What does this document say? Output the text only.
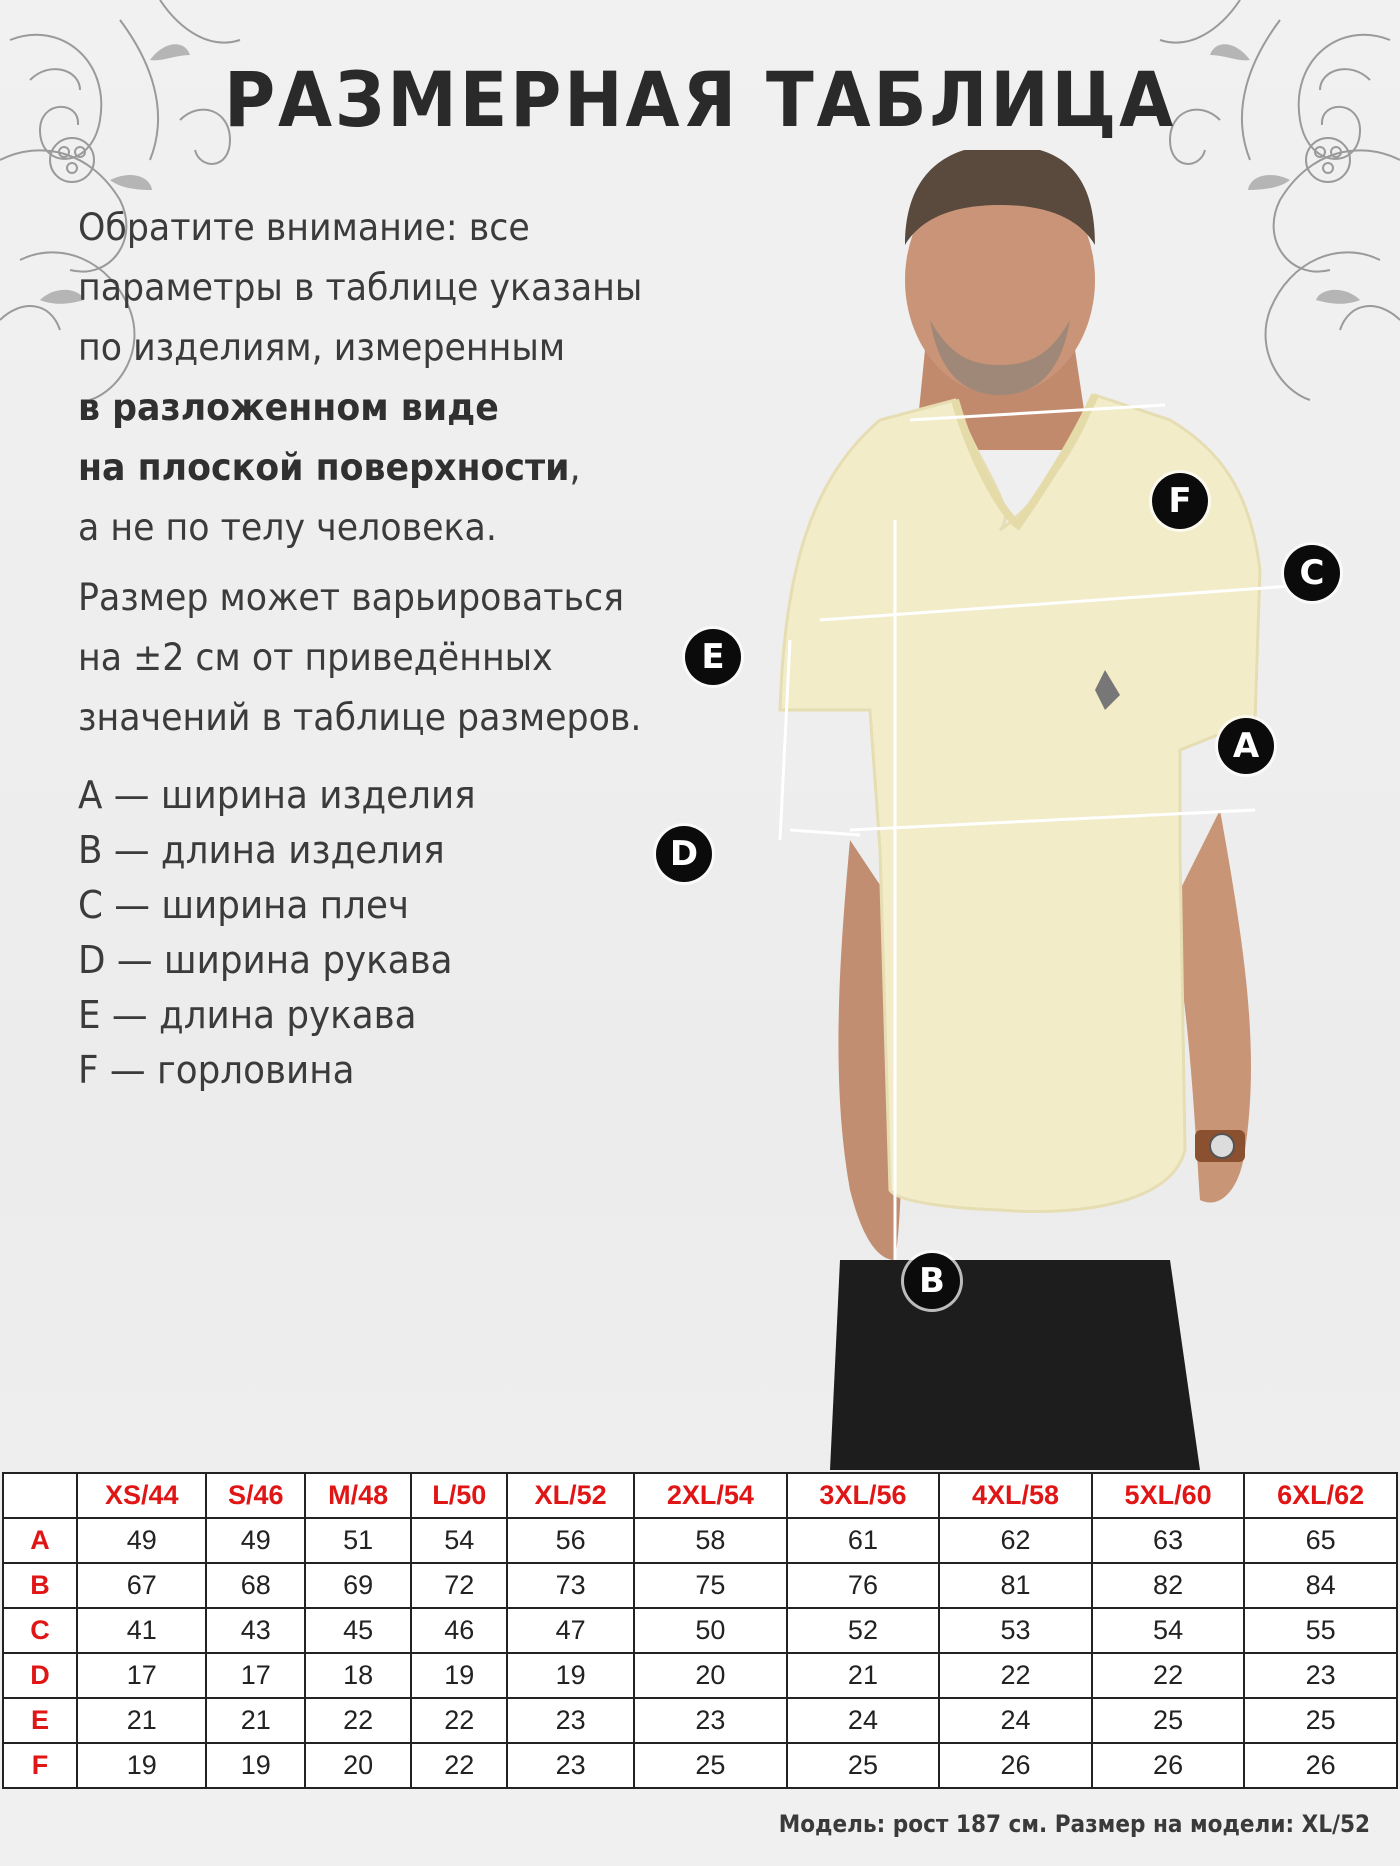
РАЗМЕРНАЯ ТАБЛИЦА
Обратите внимание: все
параметры в таблице указаны
по изделиям, измеренным
в разложенном виде
на плоской поверхности,
а не по телу человека.
Размер может варьироваться
на ±2 см от приведённых
значений в таблице размеров.
А — ширина изделия
В — длина изделия
С — ширина плеч
D — ширина рукава
Е — длина рукава
F — горловина
F
C
E
A
D
B
	XS/44	S/46	M/48	L/50	XL/52	2XL/54	3XL/56	4XL/58	5XL/60	6XL/62
A	49	49	51	54	56	58	61	62	63	65
B	67	68	69	72	73	75	76	81	82	84
C	41	43	45	46	47	50	52	53	54	55
D	17	17	18	19	19	20	21	22	22	23
E	21	21	22	22	23	23	24	24	25	25
F	19	19	20	22	23	25	25	26	26	26
Модель: рост 187 см. Размер на модели: XL/52
